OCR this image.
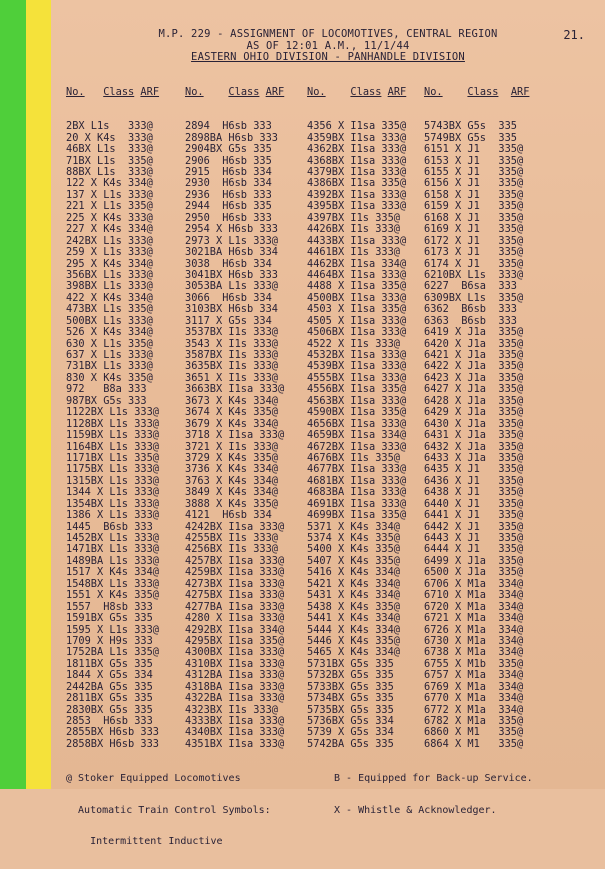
21.
M.P. 229 - ASSIGNMENT OF LOCOMOTIVES, CENTRAL REGION
AS OF 12:01 A.M., 11/1/44
EASTERN OHIO DIVISION - PANHANDLE DIVISION

No. Class ARF

2BX L1s   333@
20 X K4s  333@
46BX L1s  333@
71BX L1s  335@
88BX L1s  333@
122 X K4s 334@
137 X L1s 333@
221 X L1s 335@
225 X K4s 333@
227 X K4s 334@
242BX L1s 333@
259 X L1s 333@
295 X K4s 334@
356BX L1s 333@
398BX L1s 333@
422 X K4s 334@
473BX L1s 335@
500BX L1s 333@
526 X K4s 334@
630 X L1s 335@
637 X L1s 333@
731BX L1s 333@
830 X K4s 335@
972   B8a 333
987BX G5s 333
1122BX L1s 333@
1128BX L1s 333@
1159BX L1s 333@
1164BX L1s 333@
1171BX L1s 335@
1175BX L1s 333@
1315BX L1s 333@
1344 X L1s 333@
1354BX L1s 333@
1386 X L1s 333@
1445  B6sb 333
1452BX L1s 333@
1471BX L1s 333@
1489BA L1s 333@
1517 X K4s 334@
1548BX L1s 333@
1551 X K4s 335@
1557  H8sb 333
1591BX G5s 335
1595 X L1s 333@
1709 X H9s 333
1752BA L1s 335@
1811BX G5s 335
1844 X G5s 334
2442BA G5s 335
2811BX G5s 335
2830BX G5s 335
2853  H6sb 333
2855BX H6sb 333
2858BX H6sb 333

No. Class ARF

2894  H6sb 333
2898BA H6sb 333
2904BX G5s 335
2906  H6sb 335
2915  H6sb 334
2930  H6sb 334
2936  H6sb 333
2944  H6sb 335
2950  H6sb 333
2954 X H6sb 333
2973 X L1s 333@
3021BA H6sb 334
3038  H6sb 334
3041BX H6sb 333
3053BA L1s 333@
3066  H6sb 334
3103BX H6sb 334
3117 X G5s 334
3537BX I1s 333@
3543 X I1s 333@
3587BX I1s 333@
3635BX I1s 333@
3651 X I1s 333@
3663BX I1sa 333@
3673 X K4s 334@
3674 X K4s 335@
3679 X K4s 334@
3718 X I1sa 333@
3721 X I1s 333@
3729 X K4s 335@
3736 X K4s 334@
3763 X K4s 334@
3849 X K4s 334@
3888 X K4s 335@
4121  H6sb 334
4242BX I1sa 333@
4255BX I1s 333@
4256BX I1s 333@
4257BX I1sa 333@
4259BX I1sa 333@
4273BX I1sa 333@
4275BX I1sa 333@
4277BA I1sa 333@
4280 X I1sa 333@
4292BX I1sa 334@
4295BX I1sa 335@
4300BX I1sa 333@
4310BX I1sa 333@
4312BA I1sa 333@
4318BA I1sa 333@
4322BA I1sa 333@
4323BX I1s 333@
4333BX I1sa 333@
4340BX I1sa 333@
4351BX I1sa 333@

No. Class ARF

4356 X I1sa 335@
4359BX I1sa 333@
4362BX I1sa 333@
4368BX I1sa 333@
4379BX I1sa 333@
4386BX I1sa 335@
4392BX I1sa 333@
4395BX I1sa 333@
4397BX I1s 335@
4426BX I1s 333@
4433BX I1sa 333@
4461BX I1s 333@
4462BX I1sa 334@
4464BX I1sa 333@
4488 X I1sa 335@
4500BX I1sa 333@
4503 X I1sa 335@
4505 X I1sa 333@
4506BX I1sa 333@
4522 X I1s 333@
4532BX I1sa 333@
4539BX I1sa 333@
4555BX I1sa 333@
4556BX I1sa 335@
4563BX I1sa 333@
4590BX I1sa 335@
4656BX I1sa 333@
4659BX I1sa 334@
4672BX I1sa 333@
4676BX I1s 335@
4677BX I1sa 333@
4681BX I1sa 333@
4683BA I1sa 333@
4691BX I1sa 333@
4699BX I1sa 335@
5371 X K4s 334@
5374 X K4s 335@
5400 X K4s 335@
5407 X K4s 335@
5416 X K4s 334@
5421 X K4s 334@
5431 X K4s 334@
5438 X K4s 335@
5441 X K4s 334@
5444 X K4s 334@
5446 X K4s 335@
5465 X K4s 334@
5731BX G5s 335
5732BX G5s 335
5733BX G5s 335
5734BX G5s 335
5735BX G5s 335
5736BX G5s 334
5739 X G5s 334
5742BA G5s 335

No. Class ARF

5743BX G5s  335
5749BX G5s  335
6151 X J1   335@
6153 X J1   335@
6155 X J1   335@
6156 X J1   335@
6158 X J1   335@
6159 X J1   335@
6168 X J1   335@
6169 X J1   335@
6172 X J1   335@
6173 X J1   335@
6174 X J1   335@
6210BX L1s  333@
6227  B6sa  333
6309BX L1s  335@
6362  B6sb  333
6363  B6sb  333
6419 X J1a  335@
6420 X J1a  335@
6421 X J1a  335@
6422 X J1a  335@
6423 X J1a  335@
6427 X J1a  335@
6428 X J1a  335@
6429 X J1a  335@
6430 X J1a  335@
6431 X J1a  335@
6432 X J1a  335@
6433 X J1a  335@
6435 X J1   335@
6436 X J1   335@
6438 X J1   335@
6440 X J1   335@
6441 X J1   335@
6442 X J1   335@
6443 X J1   335@
6444 X J1   335@
6499 X J1a  335@
6500 X J1a  335@
6706 X M1a  334@
6710 X M1a  334@
6720 X M1a  334@
6721 X M1a  334@
6726 X M1a  334@
6730 X M1a  334@
6738 X M1a  334@
6755 X M1b  335@
6757 X M1a  334@
6769 X M1a  334@
6770 X M1a  334@
6772 X M1a  334@
6782 X M1a  335@
6860 X M1   335@
6864 X M1   335@

@ Stoker Equipped Locomotives

Automatic Train Control Symbols:

Intermittent Inductive

B - Equipped for Back-up Service.

X - Whistle & Acknowledger.
